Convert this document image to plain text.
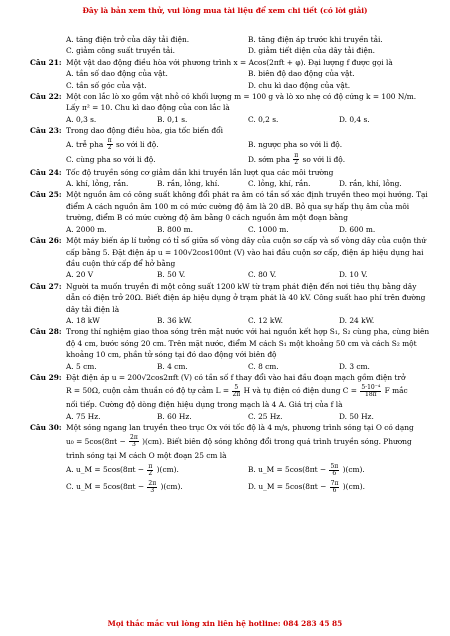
Đây là bản xem thử, vui lòng mua tài liệu để xem chi tiết (có lời giải)
A. tăng điện trở của dây tải điện.	B. tăng điện áp trước khi truyền tải.
C. giảm công suất truyền tải.	D. giảm tiết diện của dây tải điện.
Câu 21: Một vật dao động điều hòa với phương trình x = Acos(2πft + φ). Đại lượng f được gọi là
A. tần số dao động của vật.	B. biên độ dao động của vật.
C. tần số góc của vật.	D. chu kì dao động của vật.
Câu 22: Một con lắc lò xo gồm vật nhỏ có khối lượng m = 100 g và lò xo nhẹ có độ cứng k = 100 N/m. Lấy π² = 10. Chu kì dao động của con lắc là
A. 0,3 s.	B. 0,1 s.	C. 0,2 s.	D. 0,4 s.
Câu 23: Trong dao động điều hòa, gia tốc biến đổi
A. trễ pha $\frac{\pi}{2}$ so với li độ.	B. ngược pha so với li độ.
C. cùng pha so với li độ.	D. sớm pha $\frac{\pi}{2}$ so với li độ.
Câu 24: Tốc độ truyền sóng cơ giảm dần khi truyền lần lượt qua các môi trường
A. khí, lỏng, rắn.	B. rắn, lỏng, khí.	C. lỏng, khí, rắn.	D. rắn, khí, lỏng.
Câu 25: Một nguồn âm có công suất không đổi phát ra âm có tần số xác định truyền theo mọi hướng. Tại điểm A cách nguồn âm 100 m có mức cường độ âm là 20 dB. Bỏ qua sự hấp thụ âm của môi trường, điểm B có mức cường độ âm bằng 0 cách nguồn âm một đoạn bằng
A. 2000 m.	B. 800 m.	C. 1000 m.	D. 600 m.
Câu 26: Một máy biến áp lí tưởng có tỉ số giữa số vòng dây của cuộn sơ cấp và số vòng dây của cuộn thứ cấp bằng 5. Đặt điện áp u = 100√2cos100πt (V) vào hai đầu cuộn sơ cấp, điện áp hiệu dụng hai đầu cuộn thứ cấp để hở bằng
A. 20 V	B. 50 V.	C. 80 V.	D. 10 V.
Câu 27: Người ta muốn truyền đi một công suất 1200 kW từ trạm phát điện đến nơi tiêu thụ bằng dây dẫn có điện trở 20Ω. Biết điện áp hiệu dụng ở trạm phát là 40 kV. Công suất hao phí trên đường dây tải điện là
A. 18 kW	B. 36 kW.	C. 12 kW.	D. 24 kW.
Câu 28: Trong thí nghiệm giao thoa sóng trên mặt nước với hai nguồn kết hợp S₁, S₂ cùng pha, cùng biên độ 4 cm, bước sóng 20 cm. Trên mặt nước, điểm M cách S₁ một khoảng 50 cm và cách S₂ một khoảng 10 cm, phần tử sóng tại đó dao động với biên độ
A. 5 cm.	B. 4 cm.	C. 8 cm.	D. 3 cm.
Câu 29: Đặt điện áp u = 200√2cos2πft (V) có tần số f thay đổi vào hai đầu đoạn mạch gồm điện trở
R = 50Ω, cuộn cảm thuần có độ tự cảm $L = \frac{5}{2\pi}$ H và tụ điện có điện dung $C = \frac{\text{5·10⁻⁴}}{18\pi}$ F mắc
nối tiếp. Cường độ dòng điện hiệu dụng trong mạch là 4 A. Giá trị của f là
A. 75 Hz.	B. 60 Hz.	C. 25 Hz.	D. 50 Hz.
Câu 30: Một sóng ngang lan truyền theo trục Ox với tốc độ là 4 m/s, phương trình sóng tại O có dạng
$u_0 = 5\cos(8\pi t - \frac{2\pi}{3} )(cm)$. Biết biên độ sóng không đổi trong quá trình truyền sóng. Phương
trình sóng tại M cách O một đoạn 25 cm là
A. u_M = $5\cos(8\pi t - \frac{\pi}{2} )(cm)$.	B. u_M = $5\cos(8\pi t - \frac{5\pi}{6} )(cm)$.
C. u_M = $5\cos(8\pi t - \frac{2\pi}{3} )(cm)$.	D. u_M = $5\cos(8\pi t - \frac{7\pi}{6} )(cm)$.
Mọi thắc mắc vui lòng xin liên hệ hotline: 084 283 45 85
